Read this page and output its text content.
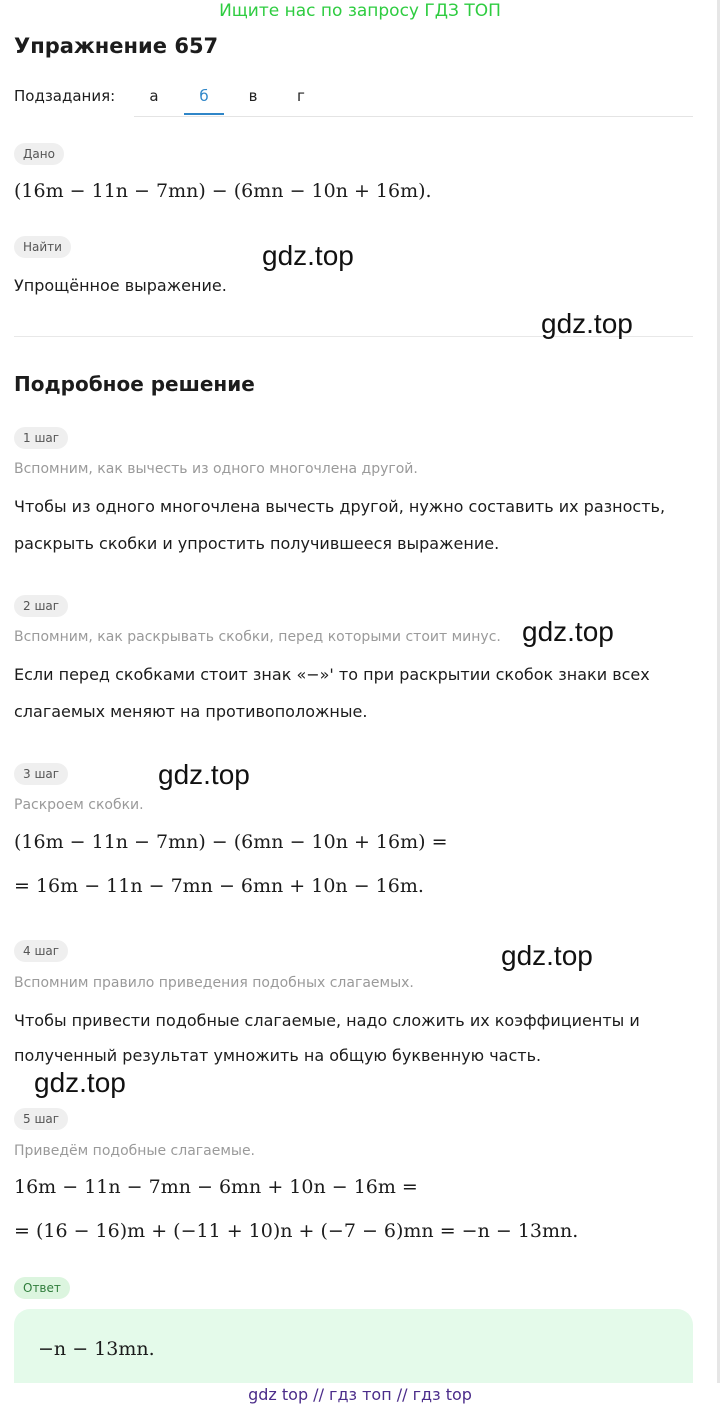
Ищите нас по запросу ГДЗ ТОП
Упражнение 657
Подзадания:	а	б	в	г
Дано
(16m − 11n − 7mn) − (6mn − 10n + 16m).
Найти
Упрощённое выражение.
Подробное решение
1 шаг
Вспомним, как вычесть из одного многочлена другой.
Чтобы из одного многочлена вычесть другой, нужно составить их разность,
раскрыть скобки и упростить получившееся выражение.
2 шаг
Вспомним, как раскрывать скобки, перед которыми стоит минус.
Если перед скобками стоит знак «−»' то при раскрытии скобок знаки всех
слагаемых меняют на противоположные.
3 шаг
Раскроем скобки.
(16m − 11n − 7mn) − (6mn − 10n + 16m) =
= 16m − 11n − 7mn − 6mn + 10n − 16m.
4 шаг
Вспомним правило приведения подобных слагаемых.
Чтобы привести подобные слагаемые, надо сложить их коэффициенты и
полученный результат умножить на общую буквенную часть.
5 шаг
Приведём подобные слагаемые.
16m − 11n − 7mn − 6mn + 10n − 16m =
= (16 − 16)m + (−11 + 10)n + (−7 − 6)mn = −n − 13mn.
Ответ
−n − 13mn.
gdz.top
gdz.top
gdz.top
gdz.top
gdz.top
gdz.top
gdz top // гдз топ // гдз top
